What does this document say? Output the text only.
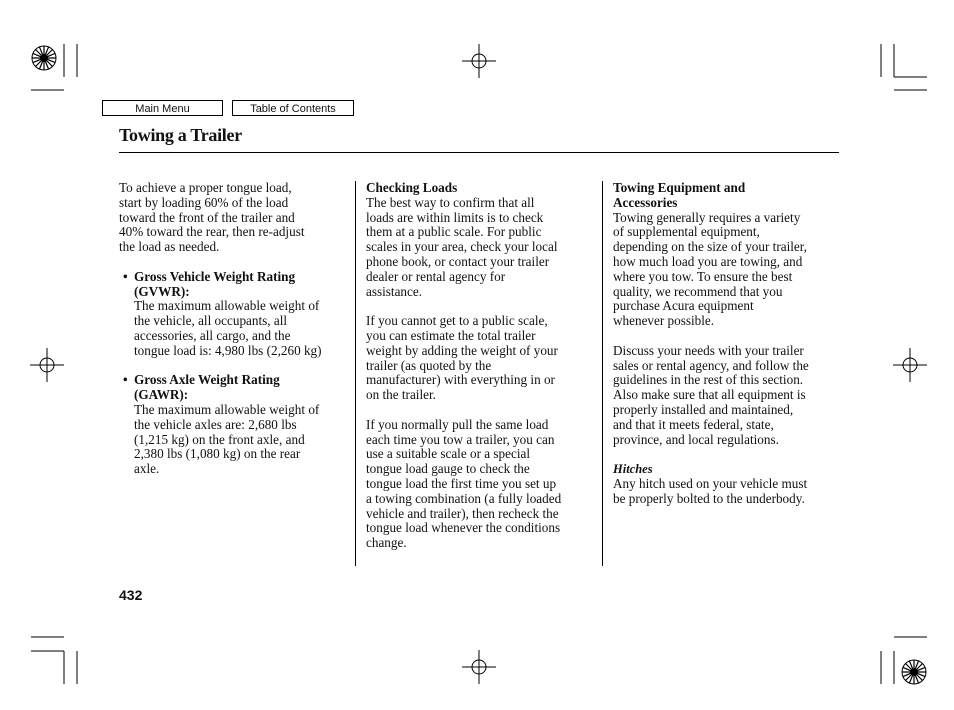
Main Menu	Table of Contents
Towing a Trailer

To achieve a proper tongue load,
start by loading 60% of the load
toward the front of the trailer and
40% toward the rear, then re-adjust
the load as needed.

• Gross Vehicle Weight Rating
(GVWR):
The maximum allowable weight of
the vehicle, all occupants, all
accessories, all cargo, and the
tongue load is: 4,980 lbs (2,260 kg)
• Gross Axle Weight Rating
(GAWR):
The maximum allowable weight of
the vehicle axles are: 2,680 lbs
(1,215 kg) on the front axle, and
2,380 lbs (1,080 kg) on the rear
axle.

Checking Loads

The best way to confirm that all
loads are within limits is to check
them at a public scale. For public
scales in your area, check your local
phone book, or contact your trailer
dealer or rental agency for
assistance.

If you cannot get to a public scale,
you can estimate the total trailer
weight by adding the weight of your
trailer (as quoted by the
manufacturer) with everything in or
on the trailer.

If you normally pull the same load
each time you tow a trailer, you can
use a suitable scale or a special
tongue load gauge to check the
tongue load the first time you set up
a towing combination (a fully loaded
vehicle and trailer), then recheck the
tongue load whenever the conditions
change.

Towing Equipment and
Accessories

Towing generally requires a variety
of supplemental equipment,
depending on the size of your trailer,
how much load you are towing, and
where you tow. To ensure the best
quality, we recommend that you
purchase Acura equipment
whenever possible.

Discuss your needs with your trailer
sales or rental agency, and follow the
guidelines in the rest of this section.
Also make sure that all equipment is
properly installed and maintained,
and that it meets federal, state,
province, and local regulations.

Hitches

Any hitch used on your vehicle must
be properly bolted to the underbody.

432
